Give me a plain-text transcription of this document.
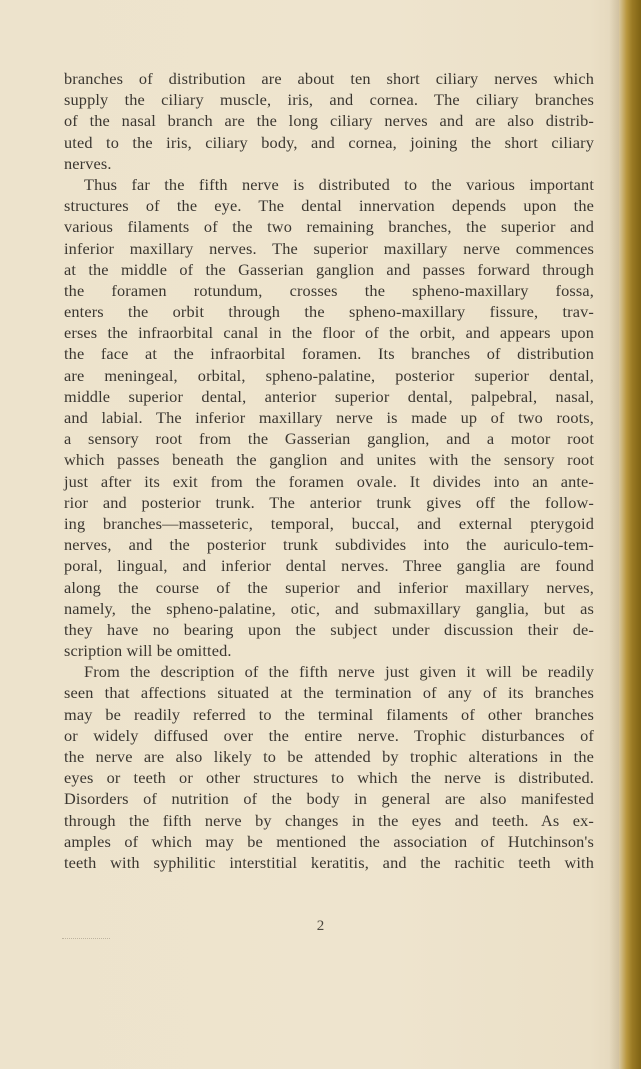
branches of distribution are about ten short ciliary nerves which
supply the ciliary muscle, iris, and cornea. The ciliary branches
of the nasal branch are the long ciliary nerves and are also distrib-
uted to the iris, ciliary body, and cornea, joining the short ciliary
nerves.
Thus far the fifth nerve is distributed to the various important
structures of the eye. The dental innervation depends upon the
various filaments of the two remaining branches, the superior and
inferior maxillary nerves. The superior maxillary nerve commences
at the middle of the Gasserian ganglion and passes forward through
the foramen rotundum, crosses the spheno-maxillary fossa,
enters the orbit through the spheno-maxillary fissure, trav-
erses the infraorbital canal in the floor of the orbit, and appears upon
the face at the infraorbital foramen. Its branches of distribution
are meningeal, orbital, spheno-palatine, posterior superior dental,
middle superior dental, anterior superior dental, palpebral, nasal,
and labial. The inferior maxillary nerve is made up of two roots,
a sensory root from the Gasserian ganglion, and a motor root
which passes beneath the ganglion and unites with the sensory root
just after its exit from the foramen ovale. It divides into an ante-
rior and posterior trunk. The anterior trunk gives off the follow-
ing branches—masseteric, temporal, buccal, and external pterygoid
nerves, and the posterior trunk subdivides into the auriculo-tem-
poral, lingual, and inferior dental nerves. Three ganglia are found
along the course of the superior and inferior maxillary nerves,
namely, the spheno-palatine, otic, and submaxillary ganglia, but as
they have no bearing upon the subject under discussion their de-
scription will be omitted.
From the description of the fifth nerve just given it will be readily
seen that affections situated at the termination of any of its branches
may be readily referred to the terminal filaments of other branches
or widely diffused over the entire nerve. Trophic disturbances of
the nerve are also likely to be attended by trophic alterations in the
eyes or teeth or other structures to which the nerve is distributed.
Disorders of nutrition of the body in general are also manifested
through the fifth nerve by changes in the eyes and teeth. As ex-
amples of which may be mentioned the association of Hutchinson's
teeth with syphilitic interstitial keratitis, and the rachitic teeth with
2
